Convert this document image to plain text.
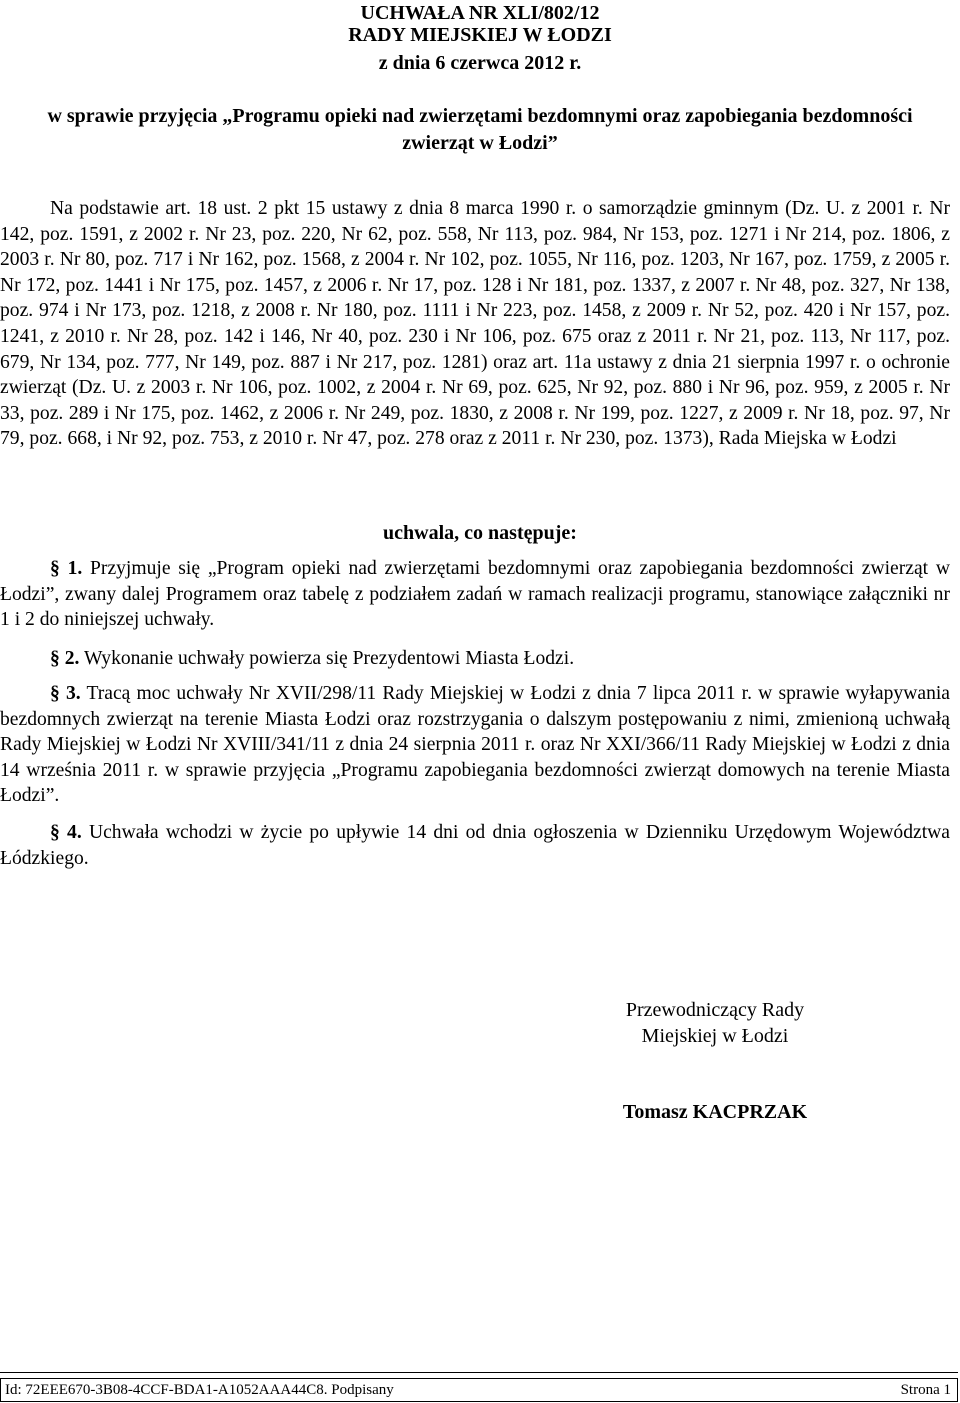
UCHWAŁA NR XLI/802/12
RADY MIEJSKIEJ W ŁODZI
z dnia 6 czerwca 2012 r.
w sprawie przyjęcia „Programu opieki nad zwierzętami bezdomnymi oraz zapobiegania bezdomności zwierząt w Łodzi”
Na podstawie art. 18 ust. 2 pkt 15 ustawy z dnia 8 marca 1990 r. o samorządzie gminnym (Dz. U. z 2001 r. Nr 142, poz. 1591, z 2002 r. Nr 23, poz. 220, Nr 62, poz. 558, Nr 113, poz. 984, Nr 153, poz. 1271 i Nr 214, poz. 1806, z 2003 r. Nr 80, poz. 717 i Nr 162, poz. 1568, z 2004 r. Nr 102, poz. 1055, Nr 116, poz. 1203, Nr 167, poz. 1759, z 2005 r. Nr 172, poz. 1441 i Nr 175, poz. 1457, z 2006 r. Nr 17, poz. 128 i Nr 181, poz. 1337, z 2007 r. Nr 48, poz. 327, Nr 138, poz. 974 i Nr 173, poz. 1218, z 2008 r. Nr 180, poz. 1111 i Nr 223, poz. 1458, z 2009 r. Nr 52, poz. 420 i Nr 157, poz. 1241, z 2010 r. Nr 28, poz. 142 i 146, Nr 40, poz. 230 i Nr 106, poz. 675 oraz z 2011 r. Nr 21, poz. 113, Nr 117, poz. 679, Nr 134, poz. 777, Nr 149, poz. 887 i Nr 217, poz. 1281) oraz art. 11a ustawy z dnia 21 sierpnia 1997 r. o ochronie zwierząt (Dz. U. z 2003 r. Nr 106, poz. 1002, z 2004 r. Nr 69, poz. 625, Nr 92, poz. 880 i Nr 96, poz. 959, z 2005 r. Nr 33, poz. 289 i Nr 175, poz. 1462, z 2006 r. Nr 249, poz. 1830, z 2008 r. Nr 199, poz. 1227, z 2009 r. Nr 18, poz. 97, Nr 79, poz. 668, i Nr 92, poz. 753, z 2010 r. Nr 47, poz. 278 oraz z 2011 r. Nr 230, poz. 1373), Rada Miejska w Łodzi
uchwala, co następuje:
§ 1. Przyjmuje się „Program opieki nad zwierzętami bezdomnymi oraz zapobiegania bezdomności zwierząt w Łodzi”, zwany dalej Programem oraz tabelę z podziałem zadań w ramach realizacji programu, stanowiące załączniki nr 1 i 2 do niniejszej uchwały.
§ 2. Wykonanie uchwały powierza się Prezydentowi Miasta Łodzi.
§ 3. Tracą moc uchwały Nr XVII/298/11 Rady Miejskiej w Łodzi z dnia 7 lipca 2011 r. w sprawie wyłapywania bezdomnych zwierząt na terenie Miasta Łodzi oraz rozstrzygania o dalszym postępowaniu z nimi, zmienioną uchwałą Rady Miejskiej w Łodzi Nr XVIII/341/11 z dnia 24 sierpnia 2011 r. oraz Nr XXI/366/11 Rady Miejskiej w Łodzi z dnia 14 września 2011 r. w sprawie przyjęcia „Programu zapobiegania bezdomności zwierząt domowych na terenie Miasta Łodzi”.
§ 4. Uchwała wchodzi w życie po upływie 14 dni od dnia ogłoszenia w Dzienniku Urzędowym Województwa Łódzkiego.
Przewodniczący Rady
Miejskiej w Łodzi
Tomasz KACPRZAK
Id: 72EEE670-3B08-4CCF-BDA1-A1052AAA44C8. Podpisany	Strona 1
